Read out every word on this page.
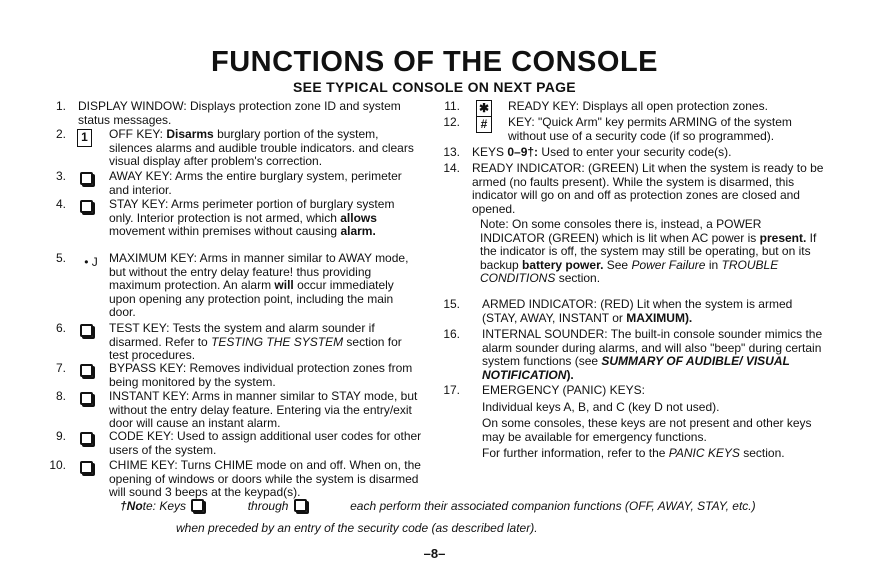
FUNCTIONS OF THE CONSOLE
SEE TYPICAL CONSOLE ON NEXT PAGE
1. DISPLAY WINDOW: Displays protection zone ID and system status messages.
2.	1	OFF KEY: Disarms burglary portion of the system, silences alarms and audible trouble indicators. and clears visual display after problem's correction.
3.	AWAY KEY: Arms the entire burglary system, perimeter and interior.
4.	STAY KEY: Arms perimeter portion of burglary system only. Interior protection is not armed, which allows movement within premises without causing alarm.
5.	• J MAXIMUM KEY: Arms in manner similar to AWAY mode, but without the entry delay feature! thus providing maximum protection. An alarm will occur immediately upon opening any protection point, including the main door.
6.	TEST KEY: Tests the system and alarm sounder if disarmed. Refer to TESTING THE SYSTEM section for test procedures.
7.	BYPASS KEY: Removes individual protection zones from being monitored by the system.
8.	INSTANT KEY: Arms in manner similar to STAY mode, but without the entry delay feature. Entering via the entry/exit door will cause an instant alarm.
9.	CODE KEY: Used to assign additional user codes for other users of the system.
10.	CHIME KEY: Turns CHIME mode on and off. When on, the opening of windows or doors while the system is disarmed will sound 3 beeps at the keypad(s).
11. ✱ READY KEY: Displays all open protection zones.
12.	#	KEY: "Quick Arm" key permits ARMING of the system without use of a security code (if so programmed).
13. KEYS 0–9†: Used to enter your security code(s).
14. READY INDICATOR: (GREEN) Lit when the system is ready to be armed (no faults present). While the system is disarmed, this indicator will go on and off as protection zones are closed and opened.
Note: On some consoles there is, instead, a POWER INDICATOR (GREEN) which is lit when AC power is present. If the indicator is off, the system may still be operating, but on its backup battery power. See Power Failure in TROUBLE CONDITIONS section.
15. ARMED INDICATOR: (RED) Lit when the system is armed (STAY, AWAY, INSTANT or MAXIMUM).
16. INTERNAL SOUNDER: The built-in console sounder mimics the alarm sounder during alarms, and will also "beep" during certain system functions (see SUMMARY OF AUDIBLE/ VISUAL NOTIFICATION).
17. EMERGENCY (PANIC) KEYS:
Individual keys A, B, and C (key D not used).
On some consoles, these keys are not present and other keys may be available for emergency functions.
For further information, refer to the PANIC KEYS section.
†Note: Keys	through	each perform their associated companion functions (OFF, AWAY, STAY, etc.)
when preceded by an entry of the security code (as described later).
–8–
